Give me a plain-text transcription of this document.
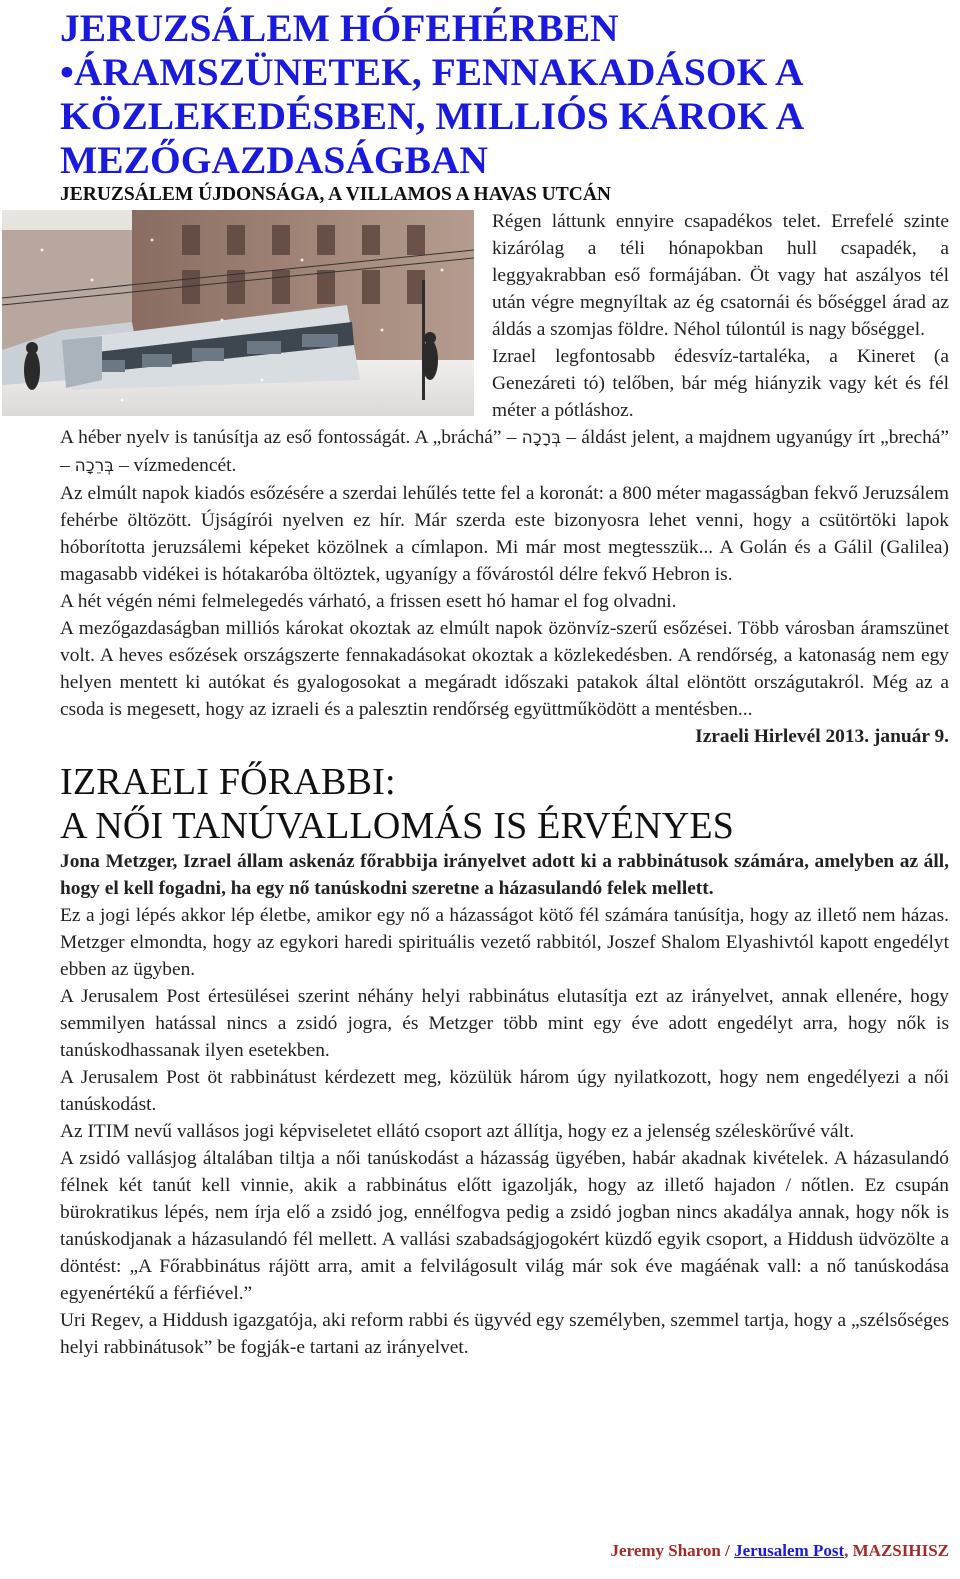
JERUZSÁLEM HÓFEHÉRBEN
•ÁRAMSZÜNETEK, FENNAKADÁSOK A KÖZLEKEDÉSBEN, MILLIÓS KÁROK A MEZŐGAZDASÁGBAN
JERUZSÁLEM ÚJDONSÁGA, A VILLAMOS A HAVAS UTCÁN

Régen láttunk ennyire csapadékos telet. Errefelé szinte kizárólag a téli hónapokban hull csapadék, a leggyakrabban eső formájában. Öt vagy hat aszályos tél után végre megnyíltak az ég csatornái és bőséggel árad az áldás a szomjas földre. Néhol túlontúl is nagy bőséggel.

Izrael legfontosabb édesvíz-tartaléka, a Kineret (a Genezáreti tó) telőben, bár még hiányzik vagy két és fél méter a pótláshoz.

A héber nyelv is tanúsítja az eső fontosságát. A „bráchá” – בְּרָכָה – áldást jelent, a majdnem ugyanúgy írt „brechá” – בְּרֵכָה – vízmedencét.

Az elmúlt napok kiadós esőzésére a szerdai lehűlés tette fel a koronát: a 800 méter magasságban fekvő Jeruzsálem fehérbe öltözött. Újságírói nyelven ez hír. Már szerda este bizonyosra lehet venni, hogy a csütörtöki lapok hóborította jeruzsálemi képeket közölnek a címlapon. Mi már most megtesszük... A Golán és a Gálil (Galilea) magasabb vidékei is hótakaróba öltöztek, ugyanígy a fővárostól délre fekvő Hebron is.

A hét végén némi felmelegedés várható, a frissen esett hó hamar el fog olvadni.

A mezőgazdaságban milliós károkat okoztak az elmúlt napok özönvíz-szerű esőzései. Több városban áramszünet volt. A heves esőzések országszerte fennakadásokat okoztak a közlekedésben. A rendőrség, a katonaság nem egy helyen mentett ki autókat és gyalogosokat a megáradt időszaki patakok által elöntött országutakról. Még az a csoda is megesett, hogy az izraeli és a palesztin rendőrség együttműködött a mentésben...

Izraeli Hirlevél 2013. január 9.

IZRAELI FŐRABBI:
A NŐI TANÚVALLOMÁS IS ÉRVÉNYES

Jona Metzger, Izrael állam askenáz főrabbija irányelvet adott ki a rabbinátusok számára, amelyben az áll, hogy el kell fogadni, ha egy nő tanúskodni szeretne a házasulandó felek mellett.

Ez a jogi lépés akkor lép életbe, amikor egy nő a házasságot kötő fél számára tanúsítja, hogy az illető nem házas. Metzger elmondta, hogy az egykori haredi spirituális vezető rabbitól, Joszef Shalom Elyashivtól kapott engedélyt ebben az ügyben.

A Jerusalem Post értesülései szerint néhány helyi rabbinátus elutasítja ezt az irányelvet, annak ellenére, hogy semmilyen hatással nincs a zsidó jogra, és Metzger több mint egy éve adott engedélyt arra, hogy nők is tanúskodhassanak ilyen esetekben.

A Jerusalem Post öt rabbinátust kérdezett meg, közülük három úgy nyilatkozott, hogy nem engedélyezi a női tanúskodást.

Az ITIM nevű vallásos jogi képviseletet ellátó csoport azt állítja, hogy ez a jelenség széleskörűvé vált.

A zsidó vallásjog általában tiltja a női tanúskodást a házasság ügyében, habár akadnak kivételek. A házasulandó félnek két tanút kell vinnie, akik a rabbinátus előtt igazolják, hogy az illető hajadon / nőtlen. Ez csupán bürokratikus lépés, nem írja elő a zsidó jog, ennélfogva pedig a zsidó jogban nincs akadálya annak, hogy nők is tanúskodjanak a házasulandó fél mellett. A vallási szabadságjogokért küzdő egyik csoport, a Hiddush üdvözölte a döntést: „A Főrabbinátus rájött arra, amit a felvilágosult világ már sok éve magáénak vall: a nő tanúskodása egyenértékű a férfiével.”

Uri Regev, a Hiddush igazgatója, aki reform rabbi és ügyvéd egy személyben, szemmel tartja, hogy a „szélsőséges helyi rabbinátusok” be fogják-e tartani az irányelvet.

Jeremy Sharon / Jerusalem Post, MAZSIHISZ
